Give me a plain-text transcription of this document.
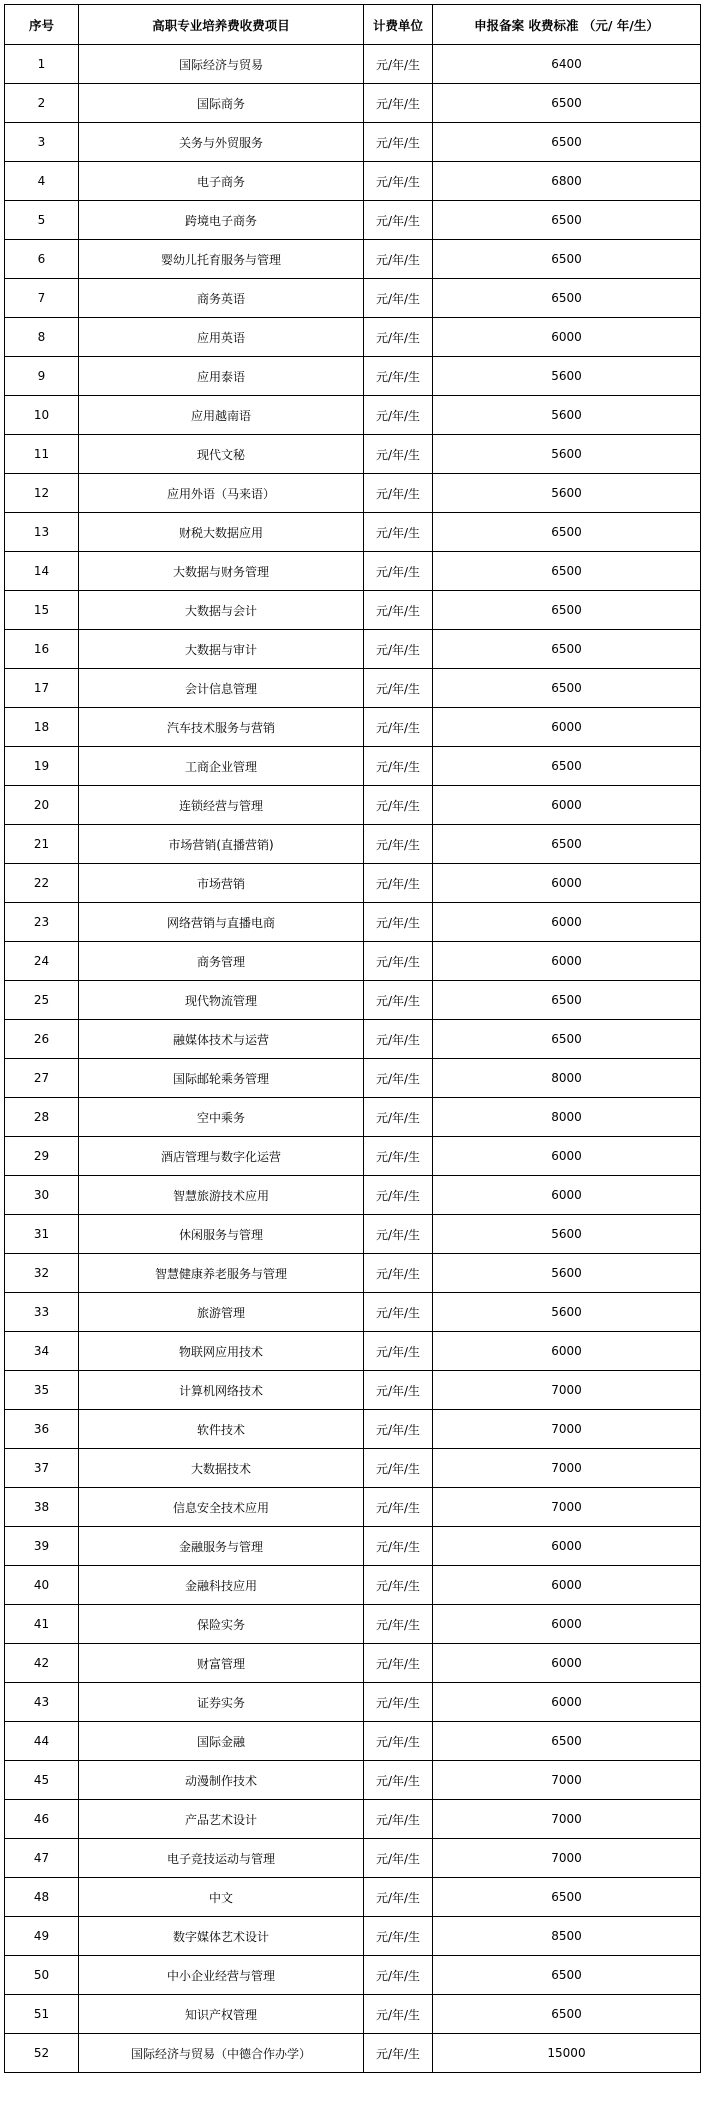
序号	高职专业培养费收费项目	计费单位	申报备案 收费标准 （元/ 年/生）
1	国际经济与贸易	元/年/生	6400
2	国际商务	元/年/生	6500
3	关务与外贸服务	元/年/生	6500
4	电子商务	元/年/生	6800
5	跨境电子商务	元/年/生	6500
6	婴幼儿托育服务与管理	元/年/生	6500
7	商务英语	元/年/生	6500
8	应用英语	元/年/生	6000
9	应用泰语	元/年/生	5600
10	应用越南语	元/年/生	5600
11	现代文秘	元/年/生	5600
12	应用外语（马来语）	元/年/生	5600
13	财税大数据应用	元/年/生	6500
14	大数据与财务管理	元/年/生	6500
15	大数据与会计	元/年/生	6500
16	大数据与审计	元/年/生	6500
17	会计信息管理	元/年/生	6500
18	汽车技术服务与营销	元/年/生	6000
19	工商企业管理	元/年/生	6500
20	连锁经营与管理	元/年/生	6000
21	市场营销(直播营销)	元/年/生	6500
22	市场营销	元/年/生	6000
23	网络营销与直播电商	元/年/生	6000
24	商务管理	元/年/生	6000
25	现代物流管理	元/年/生	6500
26	融媒体技术与运营	元/年/生	6500
27	国际邮轮乘务管理	元/年/生	8000
28	空中乘务	元/年/生	8000
29	酒店管理与数字化运营	元/年/生	6000
30	智慧旅游技术应用	元/年/生	6000
31	休闲服务与管理	元/年/生	5600
32	智慧健康养老服务与管理	元/年/生	5600
33	旅游管理	元/年/生	5600
34	物联网应用技术	元/年/生	6000
35	计算机网络技术	元/年/生	7000
36	软件技术	元/年/生	7000
37	大数据技术	元/年/生	7000
38	信息安全技术应用	元/年/生	7000
39	金融服务与管理	元/年/生	6000
40	金融科技应用	元/年/生	6000
41	保险实务	元/年/生	6000
42	财富管理	元/年/生	6000
43	证券实务	元/年/生	6000
44	国际金融	元/年/生	6500
45	动漫制作技术	元/年/生	7000
46	产品艺术设计	元/年/生	7000
47	电子竞技运动与管理	元/年/生	7000
48	中文	元/年/生	6500
49	数字媒体艺术设计	元/年/生	8500
50	中小企业经营与管理	元/年/生	6500
51	知识产权管理	元/年/生	6500
52	国际经济与贸易（中德合作办学）	元/年/生	15000
